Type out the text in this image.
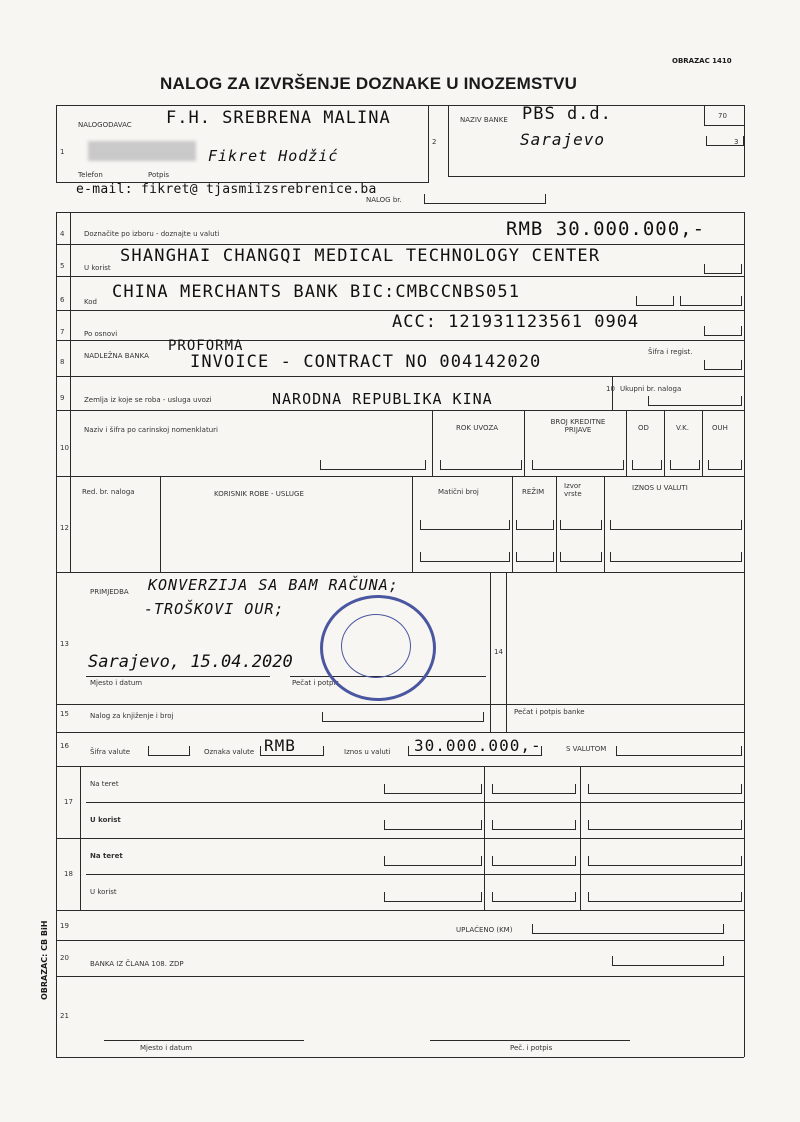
OBRAZAC 1410
NALOG ZA IZVRŠENJE DOZNAKE U INOZEMSTVU
1
2	3
NALOGODAVAC
Telefon	Potpis
NAZIV BANKE	70
F.H. SREBRENA MALINA
Fikret Hodžić
PBS d.d.
Sarajevo
e-mail: fikret@ tjasmiizsrebrenice.ba
NALOG br.
4
5
6
7
8
9
10
Doznačite po izboru - doznajte u valuti	RMB 30.000.000,-
U korist
SHANGHAI CHANGQI MEDICAL TECHNOLOGY CENTER
Kod CHINA MERCHANTS BANK BIC:CMBCCNBS051
Po osnovi
ACC: 121931123561 0904
NADLEŽNA BANKA
PROFORMA
INVOICE - CONTRACT NO 004142020	Šifra i regist.
Zemlja iz koje se roba - usluga uvozi	NARODNA REPUBLIKA KINA
10 Ukupni br. naloga
Naziv i šifra po carinskoj nomenklaturi	ROK UVOZA
BROJ KREDITNE PRIJAVE	OD	V.K.	OUH
12
Red. br. naloga	KORISNIK ROBE - USLUGE	Matični broj	REŽIM
Izvor vrste
IZNOS U VALUTI
13
14
15
PRIMJEDBA KONVERZIJA SA BAM RAČUNA;
-TROŠKOVI OUR;
Sarajevo, 15.04.2020
Mjesto i datum	Pečat i potpis
Nalog za knjiženje i broj	Pečat i potpis banke
16
Šifra valute	Oznaka valute RMB	Iznos u valuti 30.000.000,-	S VALUTOM
17
18
Na teret
U korist
Na teret
U korist
19
20
21
UPLAĆENO (KM)
BANKA IZ ČLANA 108. ZDP
Mjesto i datum	Peč. i potpis
OBRAZAC: CB BiH
